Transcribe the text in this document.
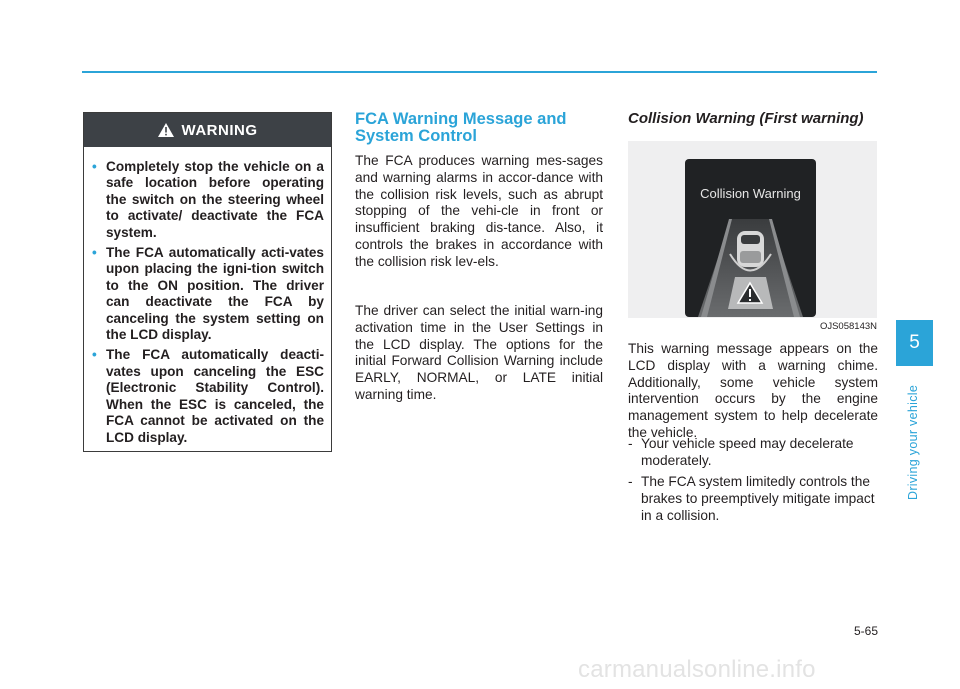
WARNING
• Completely stop the vehicle on a safe location before operating the switch on the steering wheel to activate/ deactivate the FCA system.
• The FCA automatically acti-vates upon placing the igni-tion switch to the ON position. The driver can deactivate the FCA by canceling the system setting on the LCD display.
• The FCA automatically deacti-vates upon canceling the ESC (Electronic Stability Control). When the ESC is canceled, the FCA cannot be activated on the LCD display.
FCA Warning Message and System Control

The FCA produces warning mes-sages and warning alarms in accor-dance with the collision risk levels, such as abrupt stopping of the vehi-cle in front or insufficient braking dis-tance. Also, it controls the brakes in accordance with the collision risk lev-els.

The driver can select the initial warn-ing activation time in the User Settings in the LCD display. The options for the initial Forward Collision Warning include EARLY, NORMAL, or LATE initial warning time.

Collision Warning (First warning)
Collision Warning
OJS058143N

This warning message appears on the LCD display with a warning chime. Additionally, some vehicle system intervention occurs by the engine management system to help decelerate the vehicle.

- Your vehicle speed may decelerate moderately.
- The FCA system limitedly controls the brakes to preemptively mitigate impact in a collision.
5
Driving your vehicle
5-65
carmanualsonline.info
